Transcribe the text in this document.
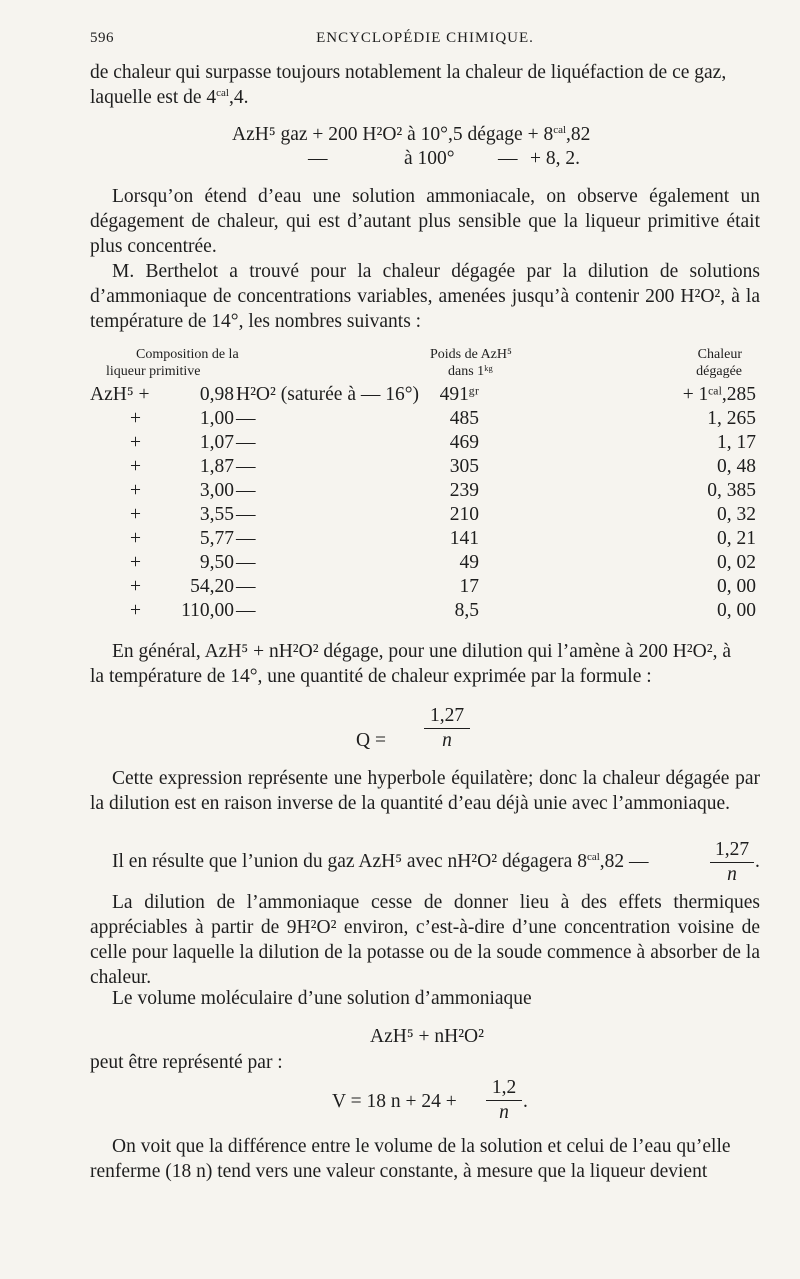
596	ENCYCLOPÉDIE CHIMIQUE.
de chaleur qui surpasse toujours notablement la chaleur de liquéfaction de ce gaz,
laquelle est de $4^{cal},4$.
AzH⁵ gaz + 200 H²O² à 10°,5 dégage + $8^{cal},82$
—	à 100° — + 8, 2.

Lorsqu’on étend d’eau une solution ammoniacale, on observe également un dégagement de chaleur, qui est d’autant plus sensible que la liqueur primitive était plus concentrée.

M. Berthelot a trouvé pour la chaleur dégagée par la dilution de solutions d’ammoniaque de concentrations variables, amenées jusqu’à contenir 200 H²O², à la température de 14°, les nombres suivants :

Composition de la
liqueur primitive
Poids de AzH⁵
dans 1ᵏᵍ
Chaleur
dégagée
AzH⁵ +	0,98 H²O² (saturée à — 16°)	491ᵍʳ	+ 1ᶜᵃˡ,285
+	1,00 —	485	1, 265
+	1,07 —	469	1, 17
+	1,87 —	305	0, 48
+	3,00 —	239	0, 385
+	3,55 —	210	0, 32
+	5,77 —	141	0, 21
+	9,50 —	49	0, 02
+	54,20 —	17	0, 00
+	110,00 —	8,5	0, 00
En général, AzH⁵ + nH²O² dégage, pour une dilution qui l’amène à 200 H²O², à
la température de 14°, une quantité de chaleur exprimée par la formule :
$Q = \frac{1,27}{n}$

Cette expression représente une hyperbole équilatère; donc la chaleur dégagée par la dilution est en raison inverse de la quantité d’eau déjà unie avec l’ammoniaque.

Il en résulte que l’union du gaz AzH⁵ avec nH²O² dégagera $8^{cal},82$ —	$\frac{1,27}{n}$ .

La dilution de l’ammoniaque cesse de donner lieu à des effets thermiques appréciables à partir de 9H²O² environ, c’est-à-dire d’une concentration voisine de celle pour laquelle la dilution de la potasse ou de la soude commence à absorber de la chaleur.

Le volume moléculaire d’une solution d’ammoniaque
AzH⁵ + nH²O²
peut être représenté par :
V = 18 $n + 24 + \frac{1,2}{n}$ .
On voit que la différence entre le volume de la solution et celui de l’eau qu’elle
renferme (18 n) tend vers une valeur constante, à mesure que la liqueur devient
